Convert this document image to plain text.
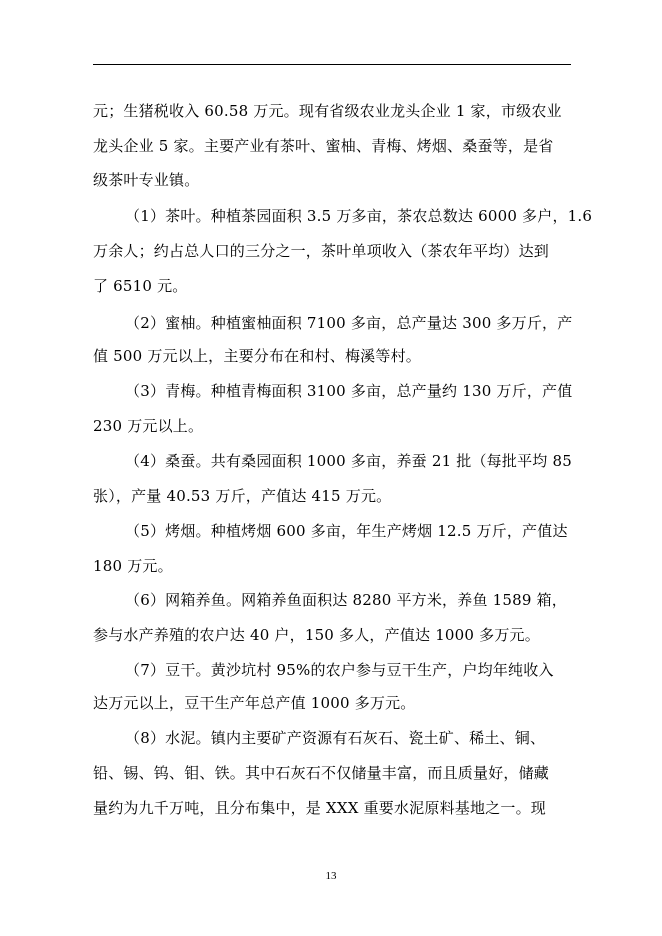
元；生猪税收入 60.58 万元。现有省级农业龙头企业 1 家，市级农业
龙头企业 5 家。主要产业有茶叶、蜜柚、青梅、烤烟、桑蚕等，是省
级茶叶专业镇。
（1）茶叶。种植茶园面积 3.5 万多亩，茶农总数达 6000 多户，1.6
万余人；约占总人口的三分之一，茶叶单项收入（茶农年平均）达到
了 6510 元。
（2）蜜柚。种植蜜柚面积 7100 多亩，总产量达 300 多万斤，产
值 500 万元以上，主要分布在和村、梅溪等村。
（3）青梅。种植青梅面积 3100 多亩，总产量约 130 万斤，产值
230 万元以上。
（4）桑蚕。共有桑园面积 1000 多亩，养蚕 21 批（每批平均 85
张），产量 40.53 万斤，产值达 415 万元。
（5）烤烟。种植烤烟 600 多亩，年生产烤烟 12.5 万斤，产值达
180 万元。
（6）网箱养鱼。网箱养鱼面积达 8280 平方米，养鱼 1589 箱，
参与水产养殖的农户达 40 户，150 多人，产值达 1000 多万元。
（7）豆干。黄沙坑村 95%的农户参与豆干生产，户均年纯收入
达万元以上，豆干生产年总产值 1000 多万元。
（8）水泥。镇内主要矿产资源有石灰石、瓷土矿、稀土、铜、
铅、锡、钨、钼、铁。其中石灰石不仅储量丰富，而且质量好，储藏
量约为九千万吨，且分布集中，是 XXX 重要水泥原料基地之一。现
13
